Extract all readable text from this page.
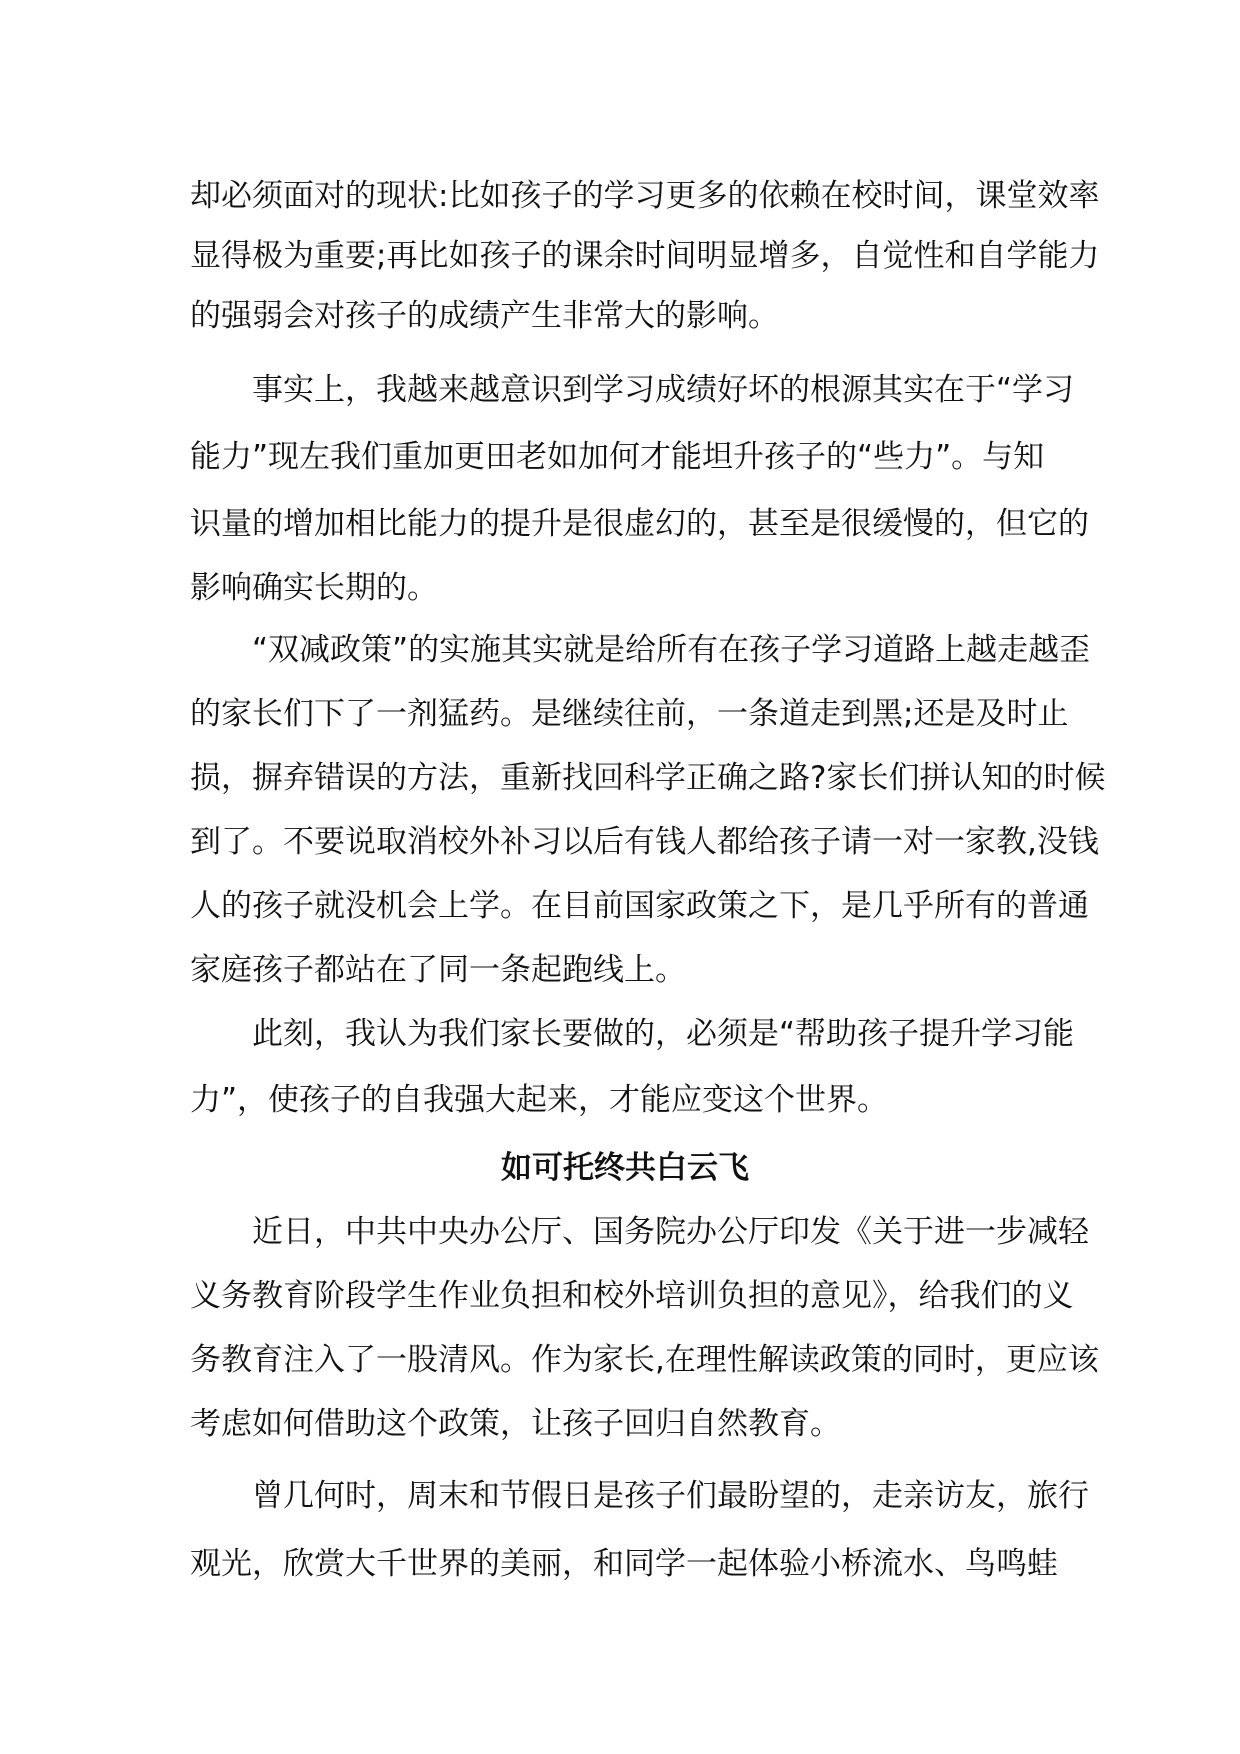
却必须面对的现状:比如孩子的学习更多的依赖在校时间，课堂效率
显得极为重要;再比如孩子的课余时间明显增多，自觉性和自学能力
的强弱会对孩子的成绩产生非常大的影响。
事实上，我越来越意识到学习成绩好坏的根源其实在于“学习
能力”现左我们重加更田老如加何才能坦升孩子的“些力”。与知
识量的增加相比能力的提升是很虚幻的，甚至是很缓慢的，但它的
影响确实长期的。
“双减政策”的实施其实就是给所有在孩子学习道路上越走越歪
的家长们下了一剂猛药。是继续往前，一条道走到黑;还是及时止
损，摒弃错误的方法，重新找回科学正确之路?家长们拼认知的时候
到了。不要说取消校外补习以后有钱人都给孩子请一对一家教,没钱
人的孩子就没机会上学。在目前国家政策之下，是几乎所有的普通
家庭孩子都站在了同一条起跑线上。
此刻，我认为我们家长要做的，必须是“帮助孩子提升学习能
力”，使孩子的自我强大起来，才能应变这个世界。
如可托终共白云飞
近日，中共中央办公厅、国务院办公厅印发《关于进一步减轻
义务教育阶段学生作业负担和校外培训负担的意见》，给我们的义
务教育注入了一股清风。作为家长,在理性解读政策的同时，更应该
考虑如何借助这个政策，让孩子回归自然教育。
曾几何时，周末和节假日是孩子们最盼望的，走亲访友，旅行
观光，欣赏大千世界的美丽，和同学一起体验小桥流水、鸟鸣蛙
